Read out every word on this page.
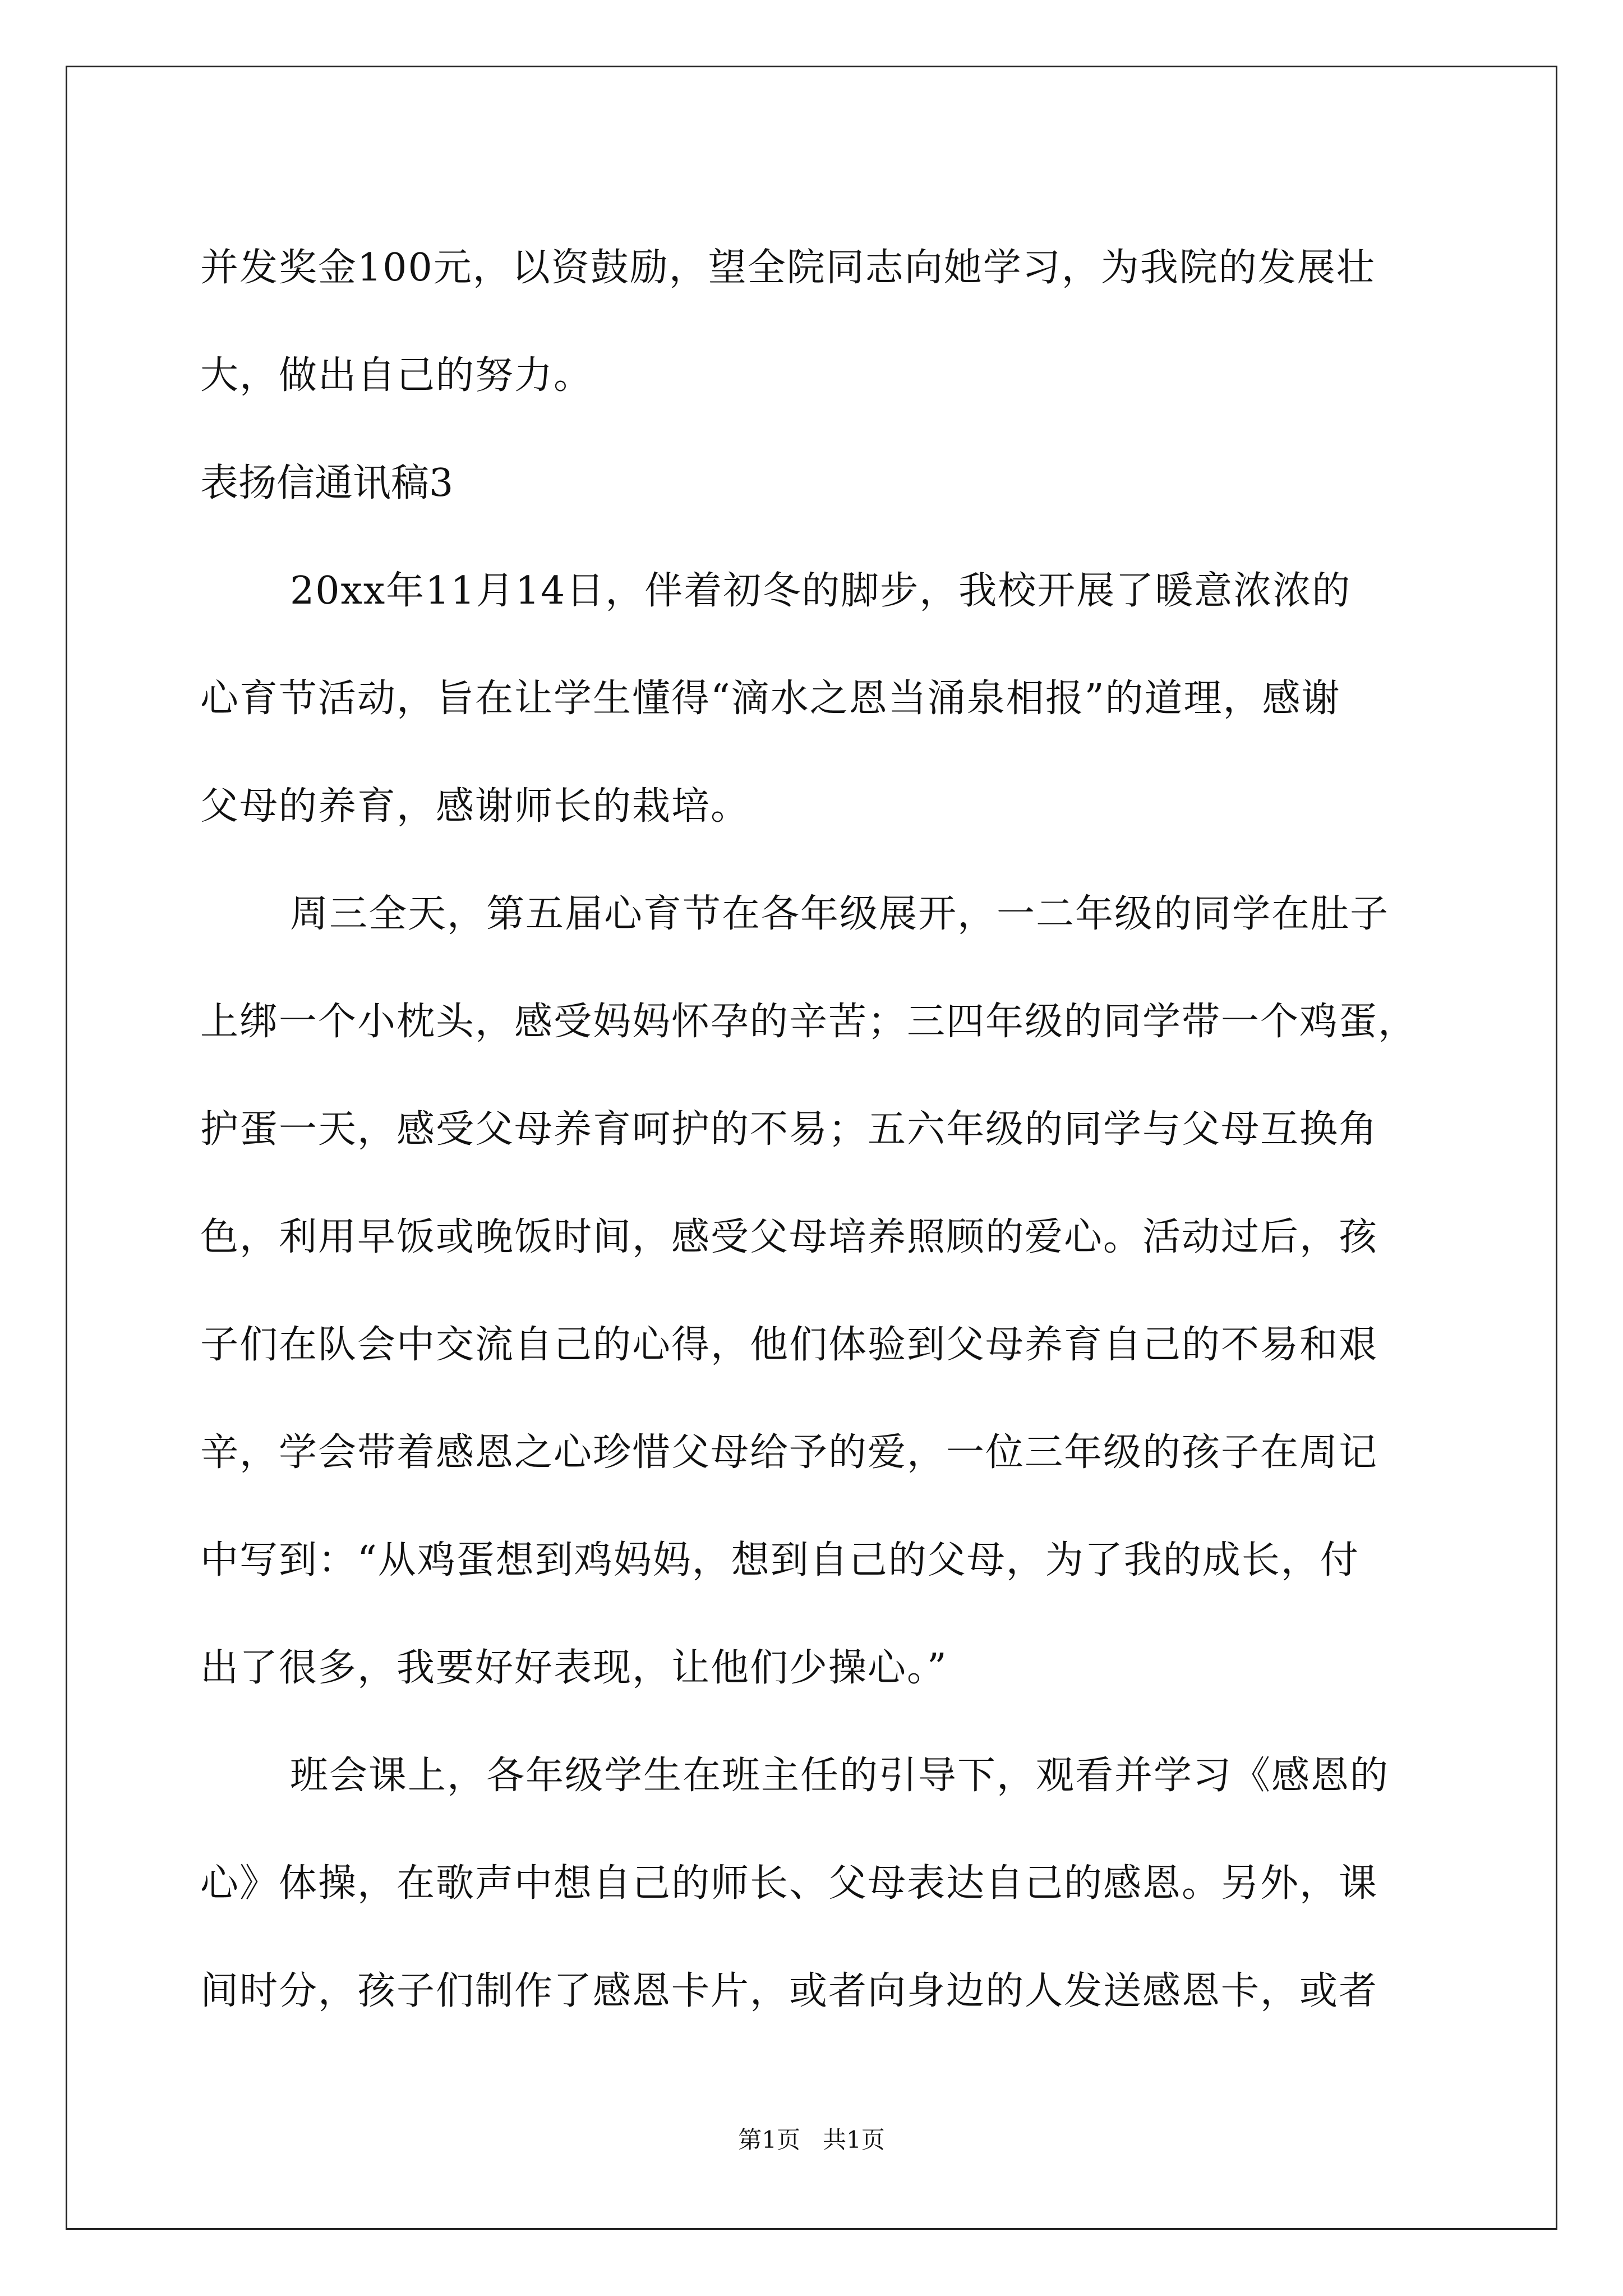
并发奖金100元，以资鼓励，望全院同志向她学习，为我院的发展壮
大，做出自己的努力。
表扬信通讯稿3
20xx年11月14日，伴着初冬的脚步，我校开展了暖意浓浓的
心育节活动，旨在让学生懂得“滴水之恩当涌泉相报”的道理，感谢
父母的养育，感谢师长的栽培。
周三全天，第五届心育节在各年级展开，一二年级的同学在肚子
上绑一个小枕头，感受妈妈怀孕的辛苦；三四年级的同学带一个鸡蛋，
护蛋一天，感受父母养育呵护的不易；五六年级的同学与父母互换角
色，利用早饭或晚饭时间，感受父母培养照顾的爱心。活动过后，孩
子们在队会中交流自己的心得，他们体验到父母养育自己的不易和艰
辛，学会带着感恩之心珍惜父母给予的爱，一位三年级的孩子在周记
中写到：“从鸡蛋想到鸡妈妈，想到自己的父母，为了我的成长，付
出了很多，我要好好表现，让他们少操心。”
班会课上，各年级学生在班主任的引导下，观看并学习《感恩的
心》体操，在歌声中想自己的师长、父母表达自己的感恩。另外，课
间时分，孩子们制作了感恩卡片，或者向身边的人发送感恩卡，或者
第1页 共1页
